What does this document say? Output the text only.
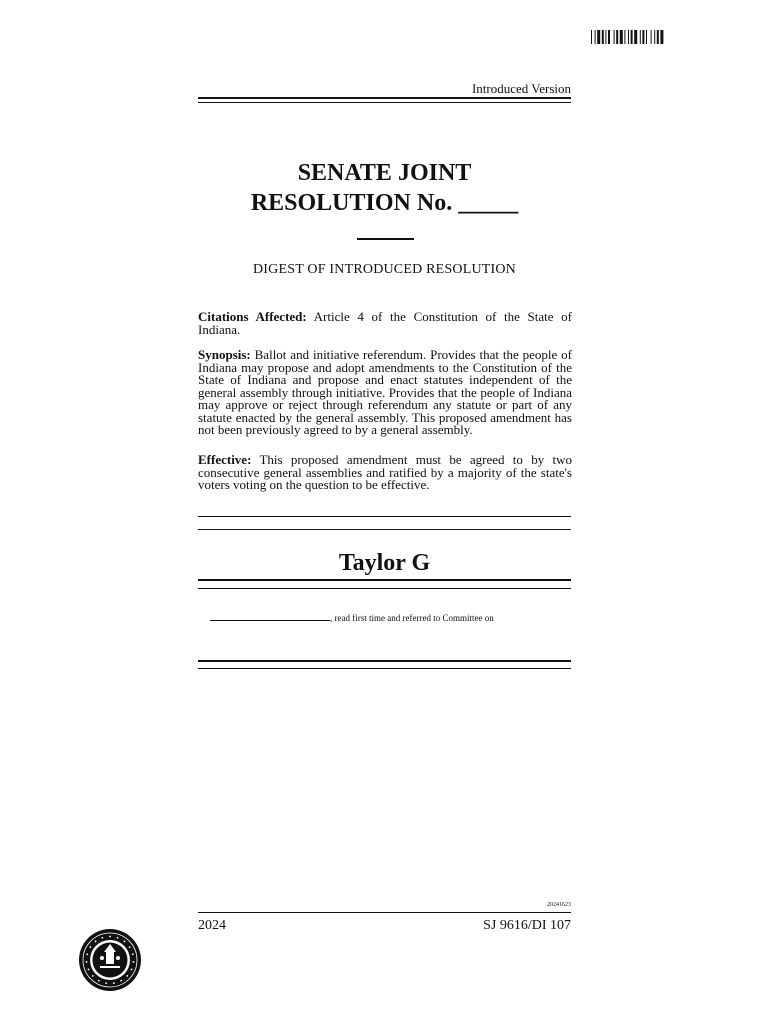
Introduced Version
SENATE JOINT
RESOLUTION No. _____
DIGEST OF INTRODUCED RESOLUTION
Citations Affected: Article 4 of the Constitution of the State of Indiana.
Synopsis: Ballot and initiative referendum. Provides that the people of Indiana may propose and adopt amendments to the Constitution of the State of Indiana and propose and enact statutes independent of the general assembly through initiative. Provides that the people of Indiana may approve or reject through referendum any statute or part of any statute enacted by the general assembly. This proposed amendment has not been previously agreed to by a general assembly.
Effective: This proposed amendment must be agreed to by two consecutive general assemblies and ratified by a majority of the state's voters voting on the question to be effective.
Taylor G
, read first time and referred to Committee on
20241623
2024	SJ 9616/DI 107
